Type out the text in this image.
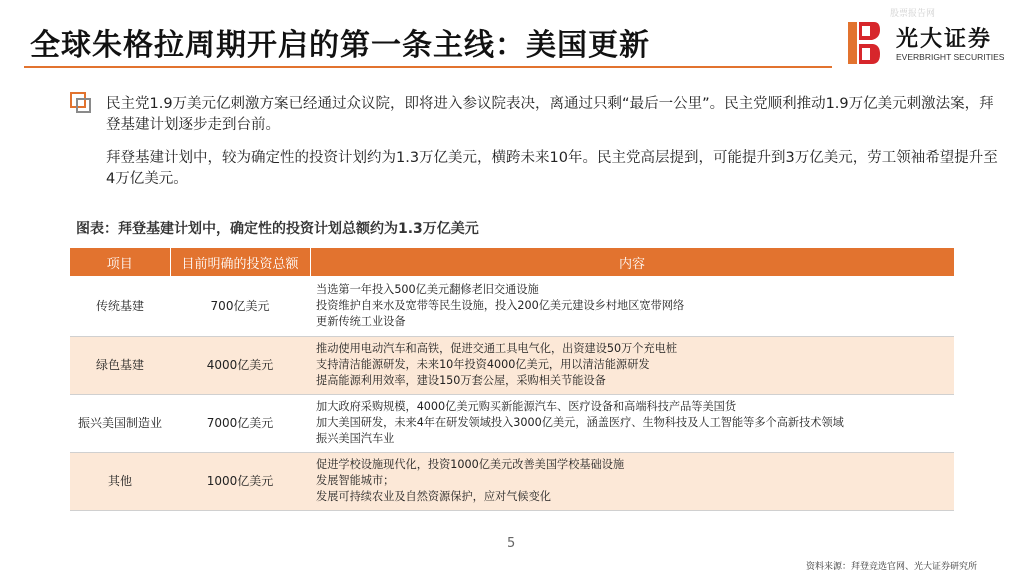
股票报告网
全球朱格拉周期开启的第一条主线：美国更新	光大证券
EVERBRIGHT SECURITIES
民主党1.9万美元亿刺激方案已经通过众议院，即将进入参议院表决，离通过只剩“最后一公里”。民主党顺利推动1.9万亿美元刺激法案，拜登基建计划逐步走到台前。
拜登基建计划中，较为确定性的投资计划约为1.3万亿美元，横跨未来10年。民主党高层提到，可能提升到3万亿美元，劳工领袖希望提升至4万亿美元。
图表：拜登基建计划中，确定性的投资计划总额约为1.3万亿美元
项目	目前明确的投资总额	内容
传统基建	700亿美元	当选第一年投入500亿美元翻修老旧交通设施
投资维护自来水及宽带等民生设施，投入200亿美元建设乡村地区宽带网络
更新传统工业设备

绿色基建	4000亿美元	推动使用电动汽车和高铁，促进交通工具电气化，出资建设50万个充电桩
支持清洁能源研发，未来10年投资4000亿美元，用以清洁能源研发
提高能源利用效率，建设150万套公屋，采购相关节能设备

振兴美国制造业	7000亿美元	加大政府采购规模，4000亿美元购买新能源汽车、医疗设备和高端科技产品等美国货
加大美国研发，未来4年在研发领域投入3000亿美元，涵盖医疗、生物科技及人工智能等多个高新技术领域
振兴美国汽车业

其他	1000亿美元	促进学校设施现代化，投资1000亿美元改善美国学校基础设施
发展智能城市；
发展可持续农业及自然资源保护，应对气候变化
5
资料来源：拜登竞选官网、光大证券研究所
